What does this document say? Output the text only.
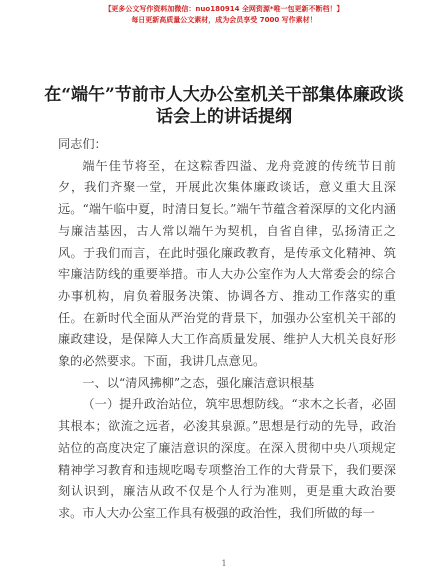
【更多公文写作资料加微信：nuo180914 全网资源*唯一包更新不断档！】
每日更新高质量公文素材，成为会员享受 7000 写作素材！
在“端午”节前市人大办公室机关干部集体廉政谈话会上的讲话提纲

同志们：

端午佳节将至，在这粽香四溢、龙舟竞渡的传统节日前夕，我们齐聚一堂，开展此次集体廉政谈话，意义重大且深远。“端午临中夏，时清日复长。”端午节蕴含着深厚的文化内涵与廉洁基因，古人常以端午为契机，自省自律，弘扬清正之风。于我们而言，在此时强化廉政教育，是传承文化精神、筑牢廉洁防线的重要举措。市人大办公室作为人大常委会的综合办事机构，肩负着服务决策、协调各方、推动工作落实的重任。在新时代全面从严治党的背景下，加强办公室机关干部的廉政建设，是保障人大工作高质量发展、维护人大机关良好形象的必然要求。下面，我讲几点意见。

一、以“清风拂柳”之态，强化廉洁意识根基

（一）提升政治站位，筑牢思想防线。“求木之长者，必固其根本；欲流之远者，必浚其泉源。”思想是行动的先导，政治站位的高度决定了廉洁意识的深度。在深入贯彻中央八项规定精神学习教育和违规吃喝专项整治工作的大背景下，我们要深刻认识到，廉洁从政不仅是个人行为准则，更是重大政治要求。市人大办公室工作具有极强的政治性，我们所做的每一

1
